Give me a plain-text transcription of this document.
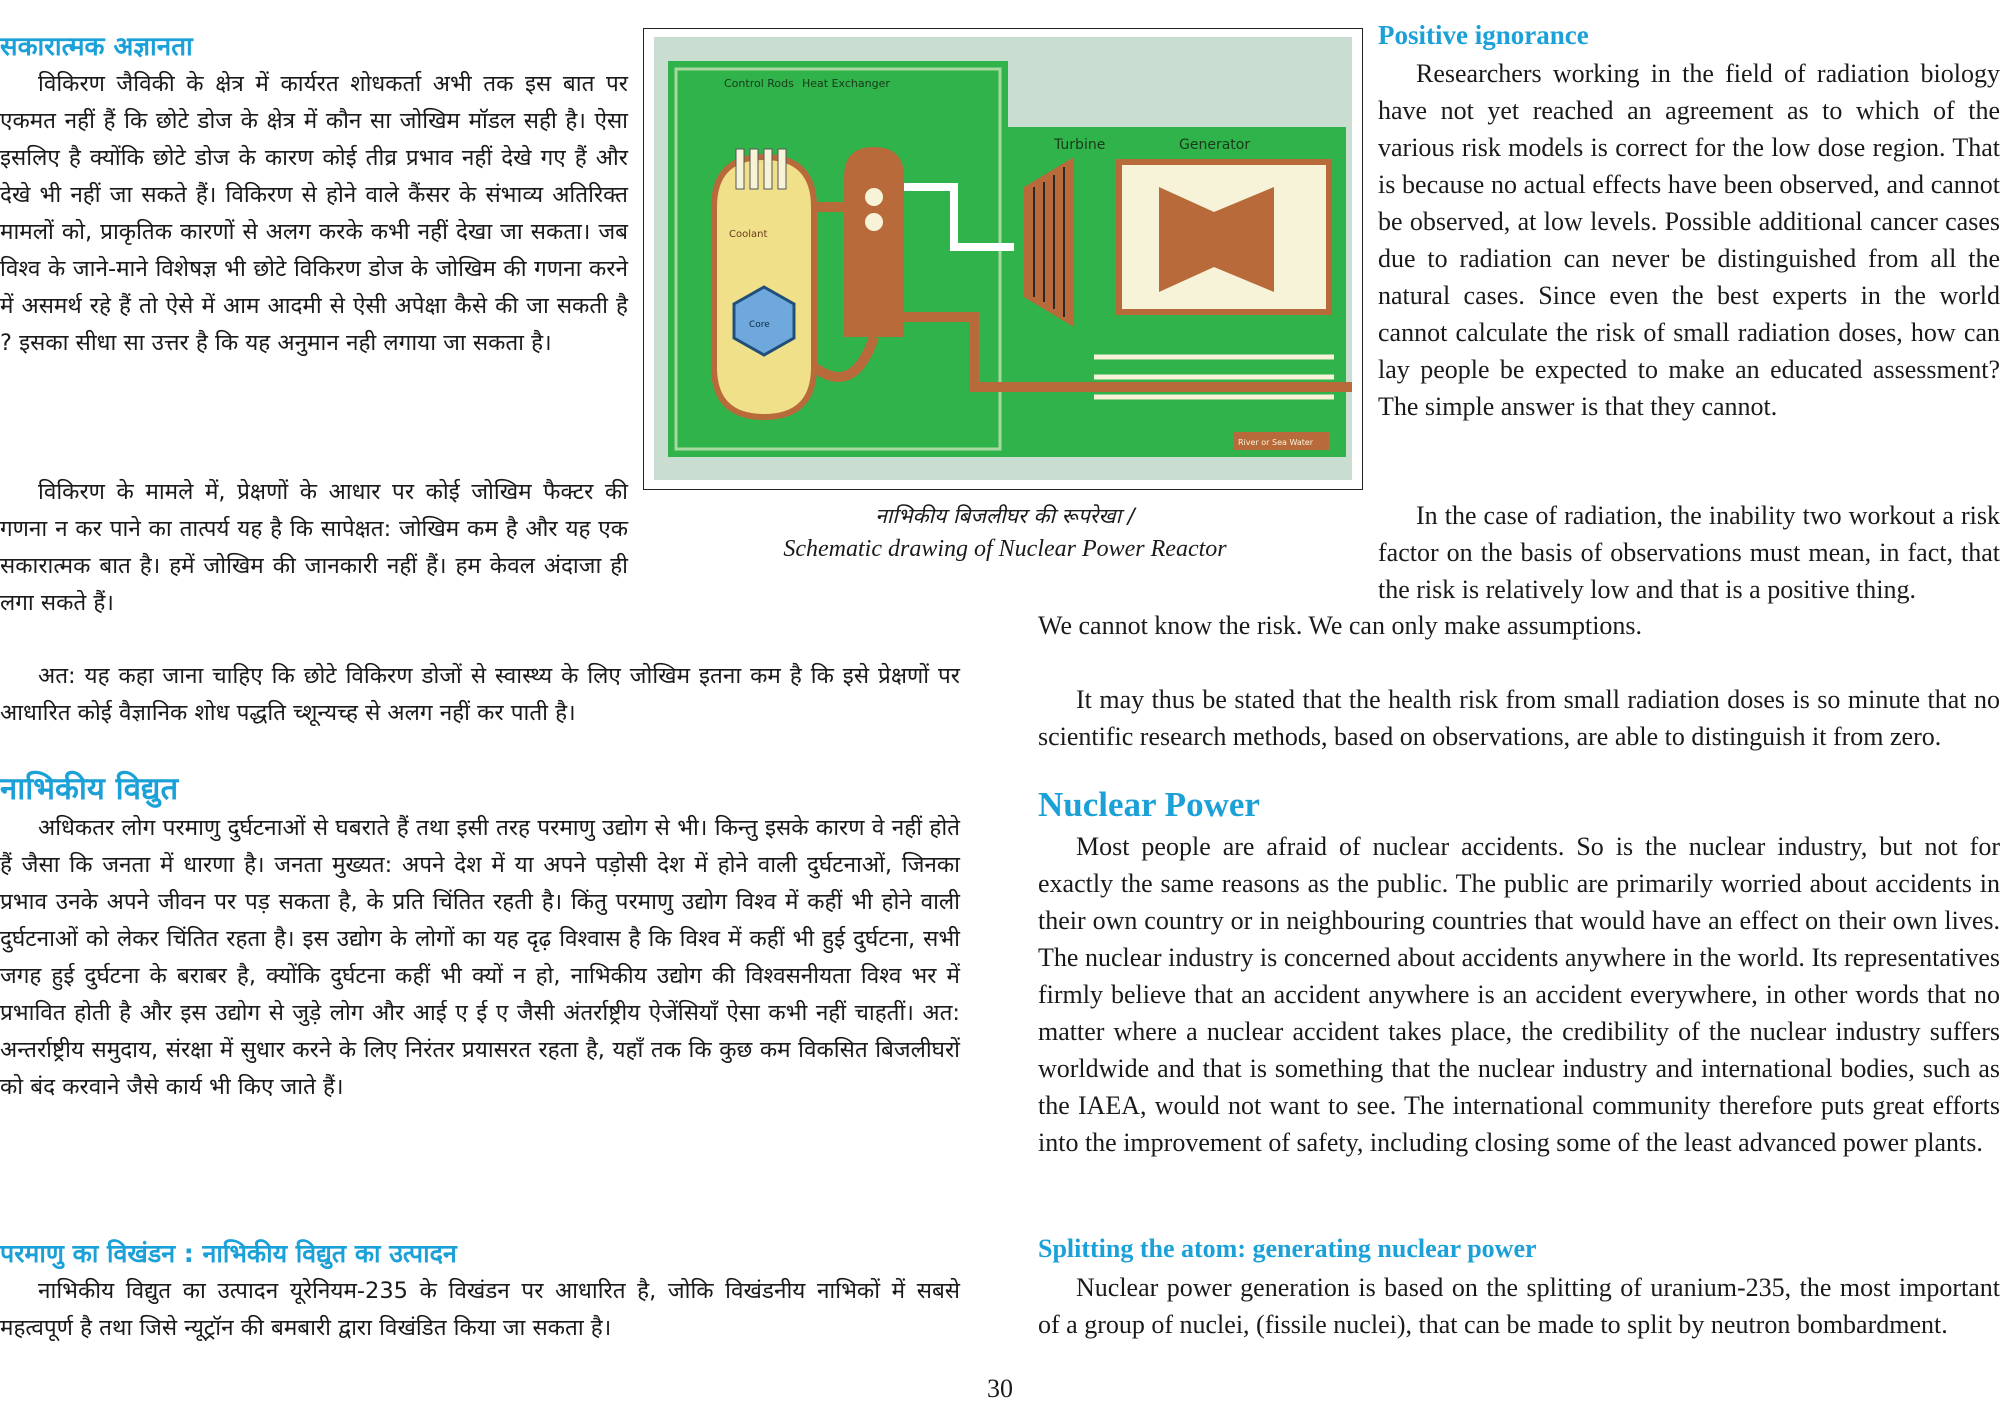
सकारात्मक अज्ञानता

विकिरण जैविकी के क्षेत्र में कार्यरत शोधकर्ता अभी तक इस बात पर एकमत नहीं हैं कि छोटे डोज के क्षेत्र में कौन सा जोखिम मॉडल सही है। ऐसा इसलिए है क्योंकि छोटे डोज के कारण कोई तीव्र प्रभाव नहीं देखे गए हैं और देखे भी नहीं जा सकते हैं। विकिरण से होने वाले कैंसर के संभाव्य अतिरिक्त मामलों को, प्राकृतिक कारणों से अलग करके कभी नहीं देखा जा सकता। जब विश्व के जाने-माने विशेषज्ञ भी छोटे विकिरण डोज के जोखिम की गणना करने में असमर्थ रहे हैं तो ऐसे में आम आदमी से ऐसी अपेक्षा कैसे की जा सकती है ? इसका सीधा सा उत्तर है कि यह अनुमान नही लगाया जा सकता है।

विकिरण के मामले में, प्रेक्षणों के आधार पर कोई जोखिम फैक्टर की गणना न कर पाने का तात्पर्य यह है कि सापेक्षत: जोखिम कम है और यह एक सकारात्मक बात है। हमें जोखिम की जानकारी नहीं हैं। हम केवल अंदाजा ही लगा सकते हैं।

अत: यह कहा जाना चाहिए कि छोटे विकिरण डोजों से स्वास्थ्य के लिए जोखिम इतना कम है कि इसे प्रेक्षणों पर आधारित कोई वैज्ञानिक शोध पद्धति च्शून्यच्ह से अलग नहीं कर पाती है।

नाभिकीय विद्युत

अधिकतर लोग परमाणु दुर्घटनाओं से घबराते हैं तथा इसी तरह परमाणु उद्योग से भी। किन्तु इसके कारण वे नहीं होते हैं जैसा कि जनता में धारणा है। जनता मुख्यत: अपने देश में या अपने पड़ोसी देश में होने वाली दुर्घटनाओं, जिनका प्रभाव उनके अपने जीवन पर पड़ सकता है, के प्रति चिंतित रहती है। किंतु परमाणु उद्योग विश्व में कहीं भी होने वाली दुर्घटनाओं को लेकर चिंतित रहता है। इस उद्योग के लोगों का यह दृढ़ विश्वास है कि विश्व में कहीं भी हुई दुर्घटना, सभी जगह हुई दुर्घटना के बराबर है, क्योंकि दुर्घटना कहीं भी क्यों न हो, नाभिकीय उद्योग की विश्वसनीयता विश्व भर में प्रभावित होती है और इस उद्योग से जुड़े लोग और आई ए ई ए जैसी अंतर्राष्ट्रीय ऐजेंसियाँ ऐसा कभी नहीं चाहतीं। अत: अन्तर्राष्ट्रीय समुदाय, संरक्षा में सुधार करने के लिए निरंतर प्रयासरत रहता है, यहाँ तक कि कुछ कम विकसित बिजलीघरों को बंद करवाने जैसे कार्य भी किए जाते हैं।

परमाणु का विखंडन : नाभिकीय विद्युत का उत्पादन

नाभिकीय विद्युत का उत्पादन यूरेनियम-235 के विखंडन पर आधारित है, जोकि विखंडनीय नाभिकों में सबसे महत्वपूर्ण है तथा जिसे न्यूट्रॉन की बमबारी द्वारा विखंडित किया जा सकता है।

Control Rods Heat Exchanger
Turbine	Generator
Coolant
Core
River or Sea Water
नाभिकीय बिजलीघर की रूपरेखा /
Schematic drawing of Nuclear Power Reactor
Positive ignorance

Researchers working in the field of radiation biology have not yet reached an agreement as to which of the various risk models is correct for the low dose region. That is because no actual effects have been observed, and cannot be observed, at low levels. Possible additional cancer cases due to radiation can never be distinguished from all the natural cases. Since even the best experts in the world cannot calculate the risk of small radiation doses, how can lay people be expected to make an educated assessment? The simple answer is that they cannot.

In the case of radiation, the inability two workout a risk factor on the basis of observations must mean, in fact, that the risk is relatively low and that is a positive thing.

We cannot know the risk. We can only make assumptions.

It may thus be stated that the health risk from small radiation doses is so minute that no scientific research methods, based on observations, are able to distinguish it from zero.

Nuclear Power

Most people are afraid of nuclear accidents. So is the nuclear industry, but not for exactly the same reasons as the public. The public are primarily worried about accidents in their own country or in neighbouring countries that would have an effect on their own lives. The nuclear industry is concerned about accidents anywhere in the world. Its representatives firmly believe that an accident anywhere is an accident everywhere, in other words that no matter where a nuclear accident takes place, the credibility of the nuclear industry suffers worldwide and that is something that the nuclear industry and international bodies, such as the IAEA, would not want to see. The international community therefore puts great efforts into the improvement of safety, including closing some of the least advanced power plants.

Splitting the atom: generating nuclear power

Nuclear power generation is based on the splitting of uranium-235, the most important of a group of nuclei, (fissile nuclei), that can be made to split by neutron bombardment.

30
